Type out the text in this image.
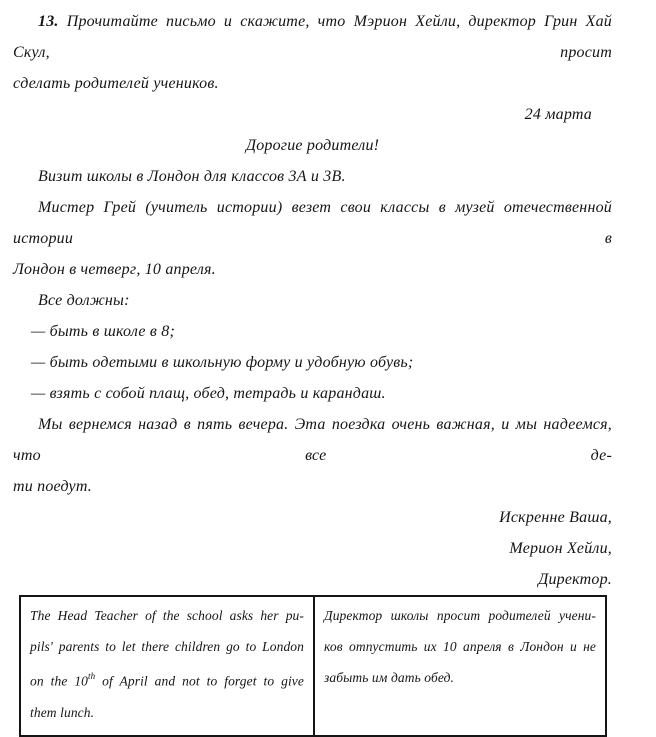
13. Прочитайте письмо и скажите, что Мэрион Хейли, директор Грин Хай Скул, просит
сделать родителей учеников.
24 марта
Дорогие родители!
Визит школы в Лондон для классов 3А и 3В.
Мистер Грей (учитель истории) везет свои классы в музей отечественной истории в
Лондон в четверг, 10 апреля.
Все должны:
— быть в школе в 8;
— быть одетыми в школьную форму и удобную обувь;
— взять с собой плащ, обед, тетрадь и карандаш.
Мы вернемся назад в пять вечера. Эта поездка очень важная, и мы надеемся, что все де-
ти поедут.
Искренне Ваша,
Мерион Хейли,
Директор.
The Head Teacher of the school asks her pu-
pils' parents to let there children go to London
on the 10th of April and not to forget to give
them lunch.

Директор школы просит родителей учени-
ков отпустить их 10 апреля в Лондон и не
забыть им дать обед.
